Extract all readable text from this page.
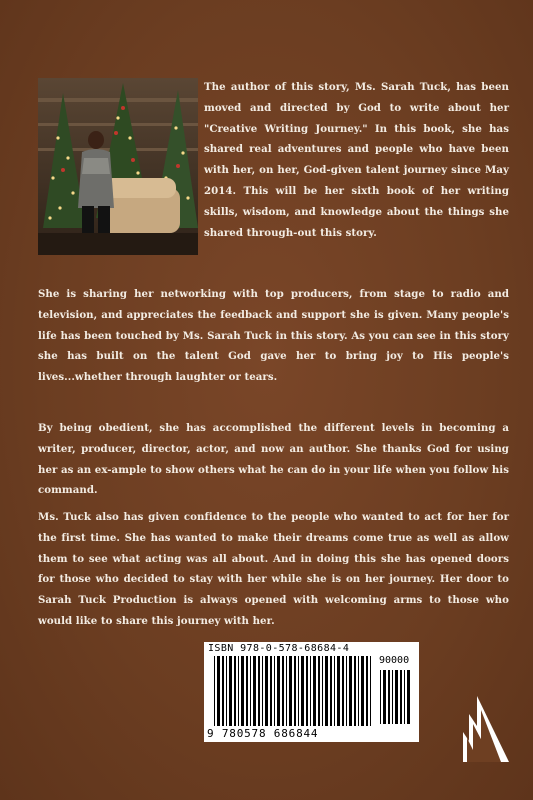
The author of this story, Ms. Sarah Tuck, has been moved and directed by God to write about her "Creative Writing Journey." In this book, she has shared real adventures and people who have been with her, on her, God-given talent journey since May 2014. This will be her sixth book of her writing skills, wisdom, and knowledge about the things she shared through-out this story.
She is sharing her networking with top producers, from stage to radio and television, and appreciates the feedback and support she is given. Many people's life has been touched by Ms. Sarah Tuck in this story. As you can see in this story she has built on the talent God gave her to bring joy to His people's lives...whether through laughter or tears.
By being obedient, she has accomplished the different levels in becoming a writer, producer, director, actor, and now an author. She thanks God for using her as an ex-ample to show others what he can do in your life when you follow his command.
Ms. Tuck also has given confidence to the people who wanted to act for her for the first time. She has wanted to make their dreams come true as well as allow them to see what acting was all about. And in doing this she has opened doors for those who decided to stay with her while she is on her journey. Her door to Sarah Tuck Production is always opened with welcoming arms to those who would like to share this journey with her.
ISBN 978-0-578-68684-4
90000
9 780578 686844
